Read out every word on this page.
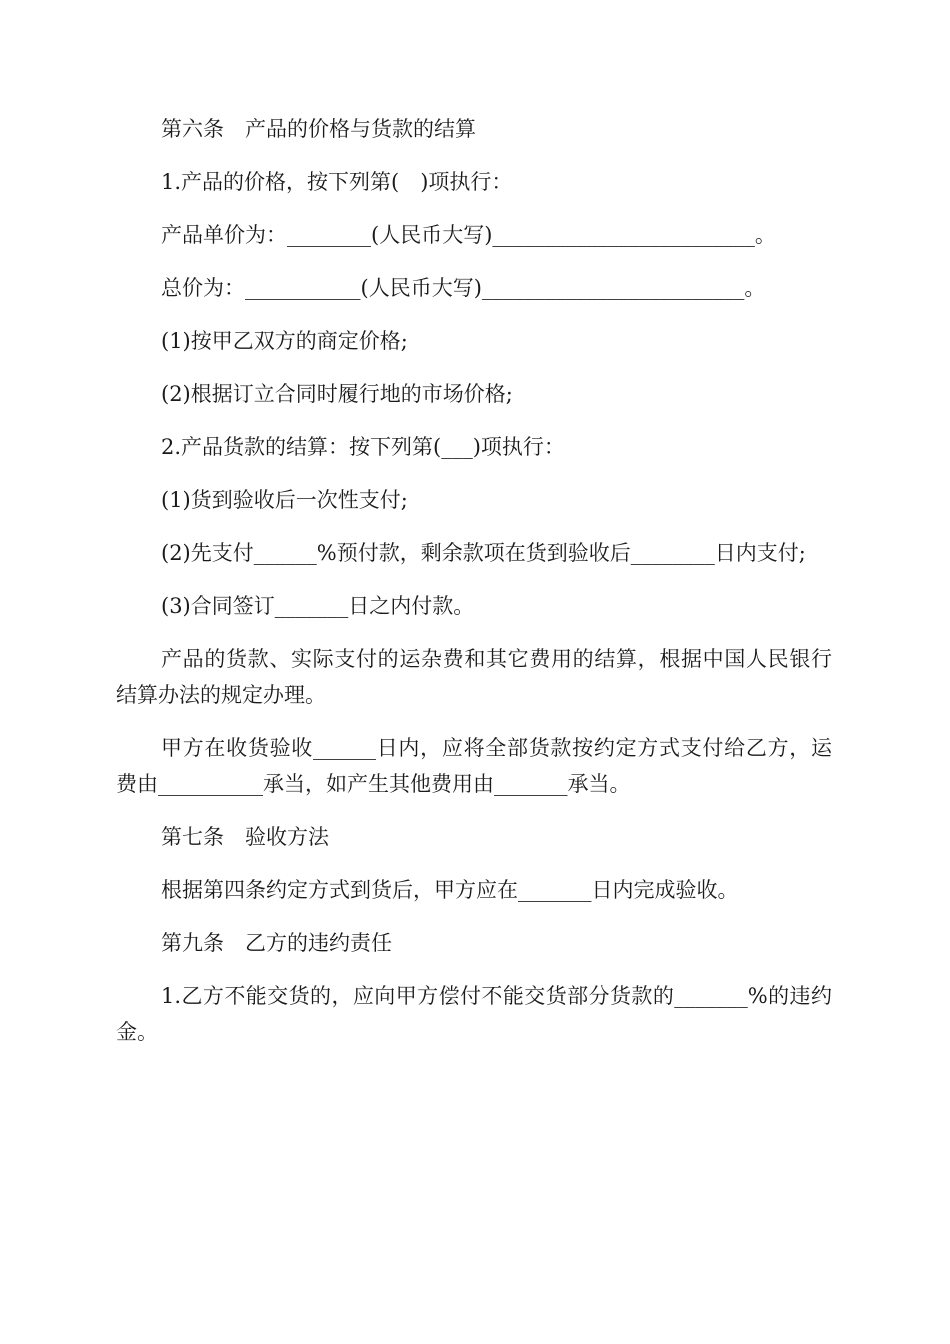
第六条　产品的价格与货款的结算

1.产品的价格，按下列第(　)项执行：

产品单价为：________(人民币大写)_________________________。

总价为：___________(人民币大写)_________________________。

(1)按甲乙双方的商定价格;

(2)根据订立合同时履行地的市场价格;

2.产品货款的结算：按下列第(___)项执行：

(1)货到验收后一次性支付;

(2)先支付______%预付款，剩余款项在货到验收后________日内支付;

(3)合同签订_______日之内付款。

产品的货款、实际支付的运杂费和其它费用的结算，根据中国人民银行结算办法的规定办理。

甲方在收货验收______日内，应将全部货款按约定方式支付给乙方，运费由__________承当，如产生其他费用由_______承当。

第七条　验收方法

根据第四条约定方式到货后，甲方应在_______日内完成验收。

第九条　乙方的违约责任

1.乙方不能交货的，应向甲方偿付不能交货部分货款的_______%的违约金。
